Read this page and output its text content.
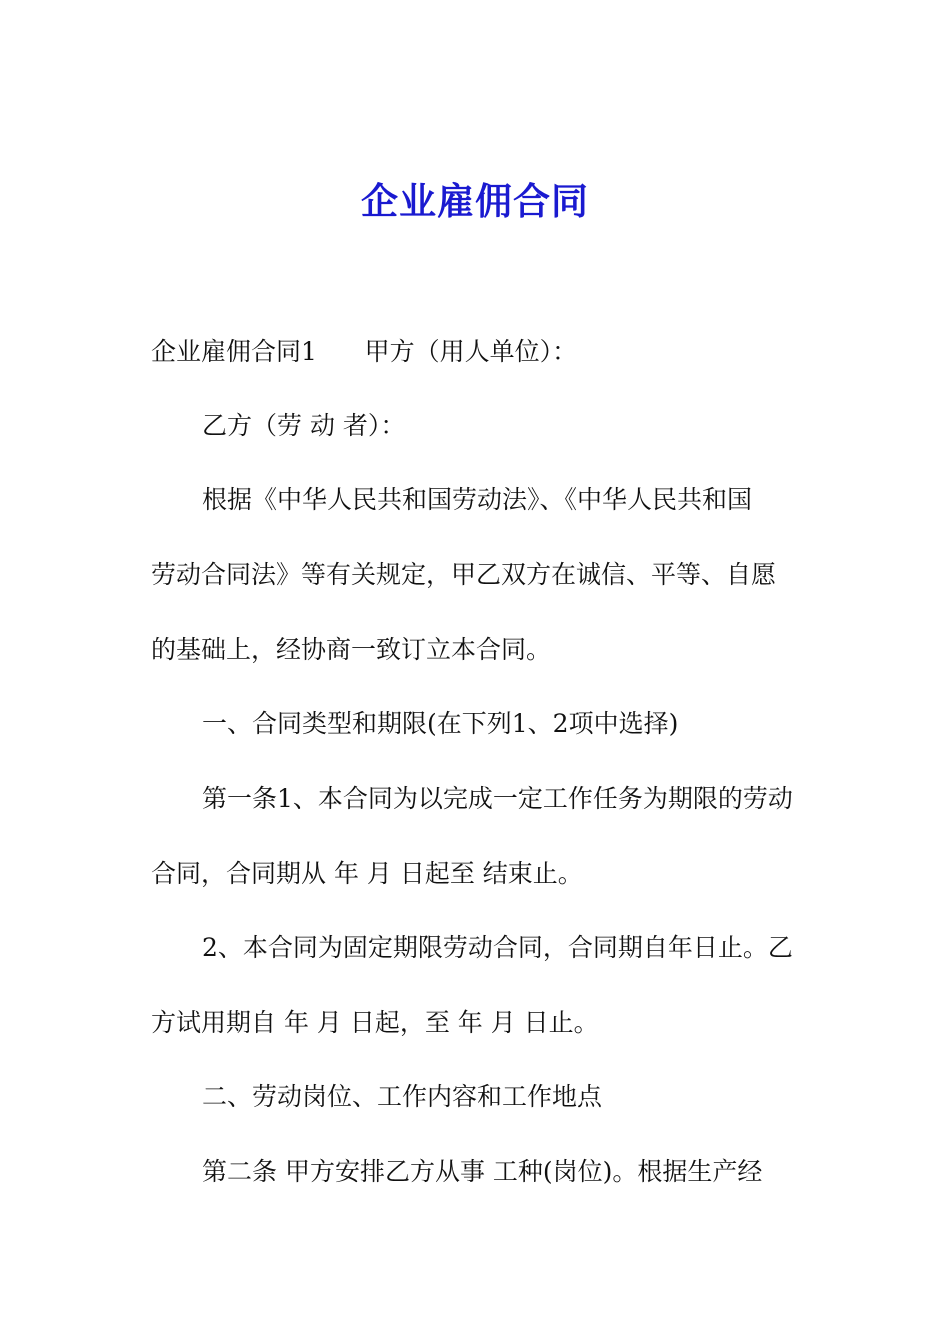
企业雇佣合同

企业雇佣合同1      甲方（用人单位）：

乙方（劳 动 者）：

根据《中华人民共和国劳动法》、《中华人民共和国

劳动合同法》等有关规定，甲乙双方在诚信、平等、自愿

的基础上，经协商一致订立本合同。

一、合同类型和期限(在下列1、2项中选择)

第一条1、本合同为以完成一定工作任务为期限的劳动

合同，合同期从 年 月 日起至 结束止。

2、本合同为固定期限劳动合同，合同期自年日止。乙

方试用期自 年 月 日起，至 年 月 日止。

二、劳动岗位、工作内容和工作地点

第二条 甲方安排乙方从事 工种(岗位)。根据生产经
